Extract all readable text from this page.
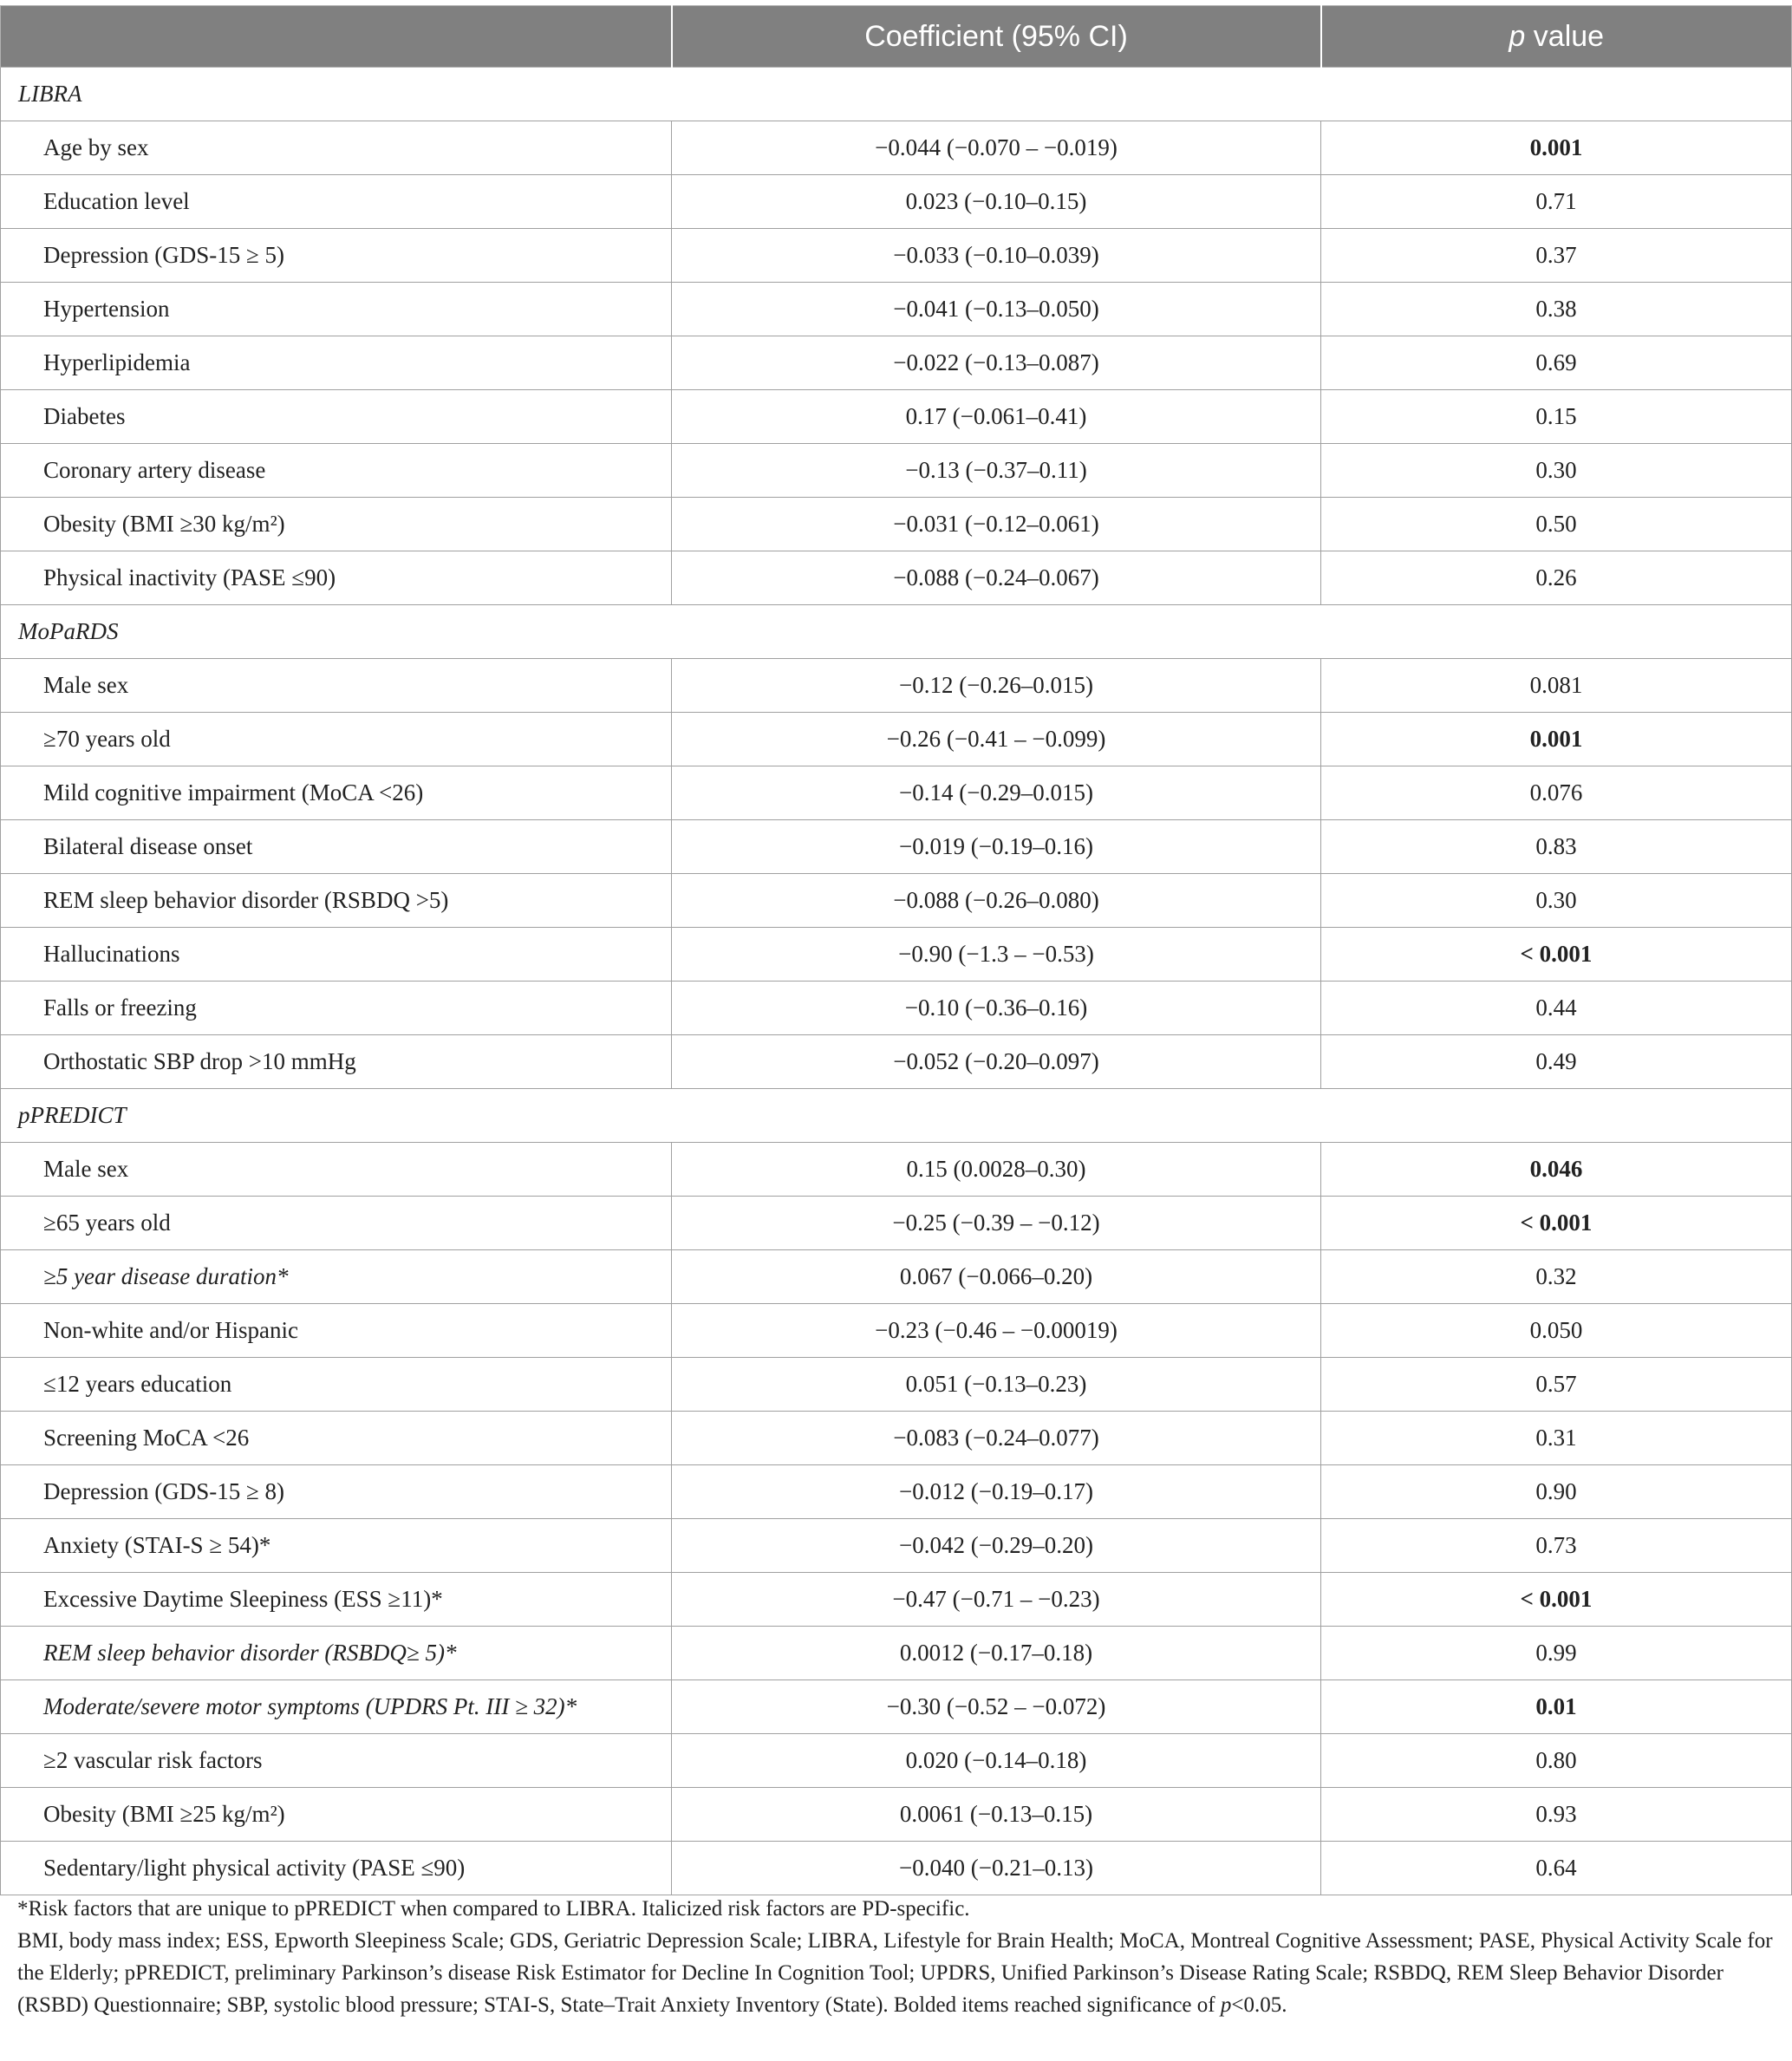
	Coefficient (95% CI)	p value
LIBRA		
Age by sex	−0.044 (−0.070 – −0.019)	0.001
Education level	0.023 (−0.10–0.15)	0.71
Depression (GDS-15 ≥ 5)	−0.033 (−0.10–0.039)	0.37
Hypertension	−0.041 (−0.13–0.050)	0.38
Hyperlipidemia	−0.022 (−0.13–0.087)	0.69
Diabetes	0.17 (−0.061–0.41)	0.15
Coronary artery disease	−0.13 (−0.37–0.11)	0.30
Obesity (BMI ≥30 kg/m²)	−0.031 (−0.12–0.061)	0.50
Physical inactivity (PASE ≤90)	−0.088 (−0.24–0.067)	0.26
MoPaRDS		
Male sex	−0.12 (−0.26–0.015)	0.081
≥70 years old	−0.26 (−0.41 – −0.099)	0.001
Mild cognitive impairment (MoCA <26)	−0.14 (−0.29–0.015)	0.076
Bilateral disease onset	−0.019 (−0.19–0.16)	0.83
REM sleep behavior disorder (RSBDQ >5)	−0.088 (−0.26–0.080)	0.30
Hallucinations	−0.90 (−1.3 – −0.53)	< 0.001
Falls or freezing	−0.10 (−0.36–0.16)	0.44
Orthostatic SBP drop >10 mmHg	−0.052 (−0.20–0.097)	0.49
pPREDICT		
Male sex	0.15 (0.0028–0.30)	0.046
≥65 years old	−0.25 (−0.39 – −0.12)	< 0.001
≥5 year disease duration*	0.067 (−0.066–0.20)	0.32
Non-white and/or Hispanic	−0.23 (−0.46 – −0.00019)	0.050
≤12 years education	0.051 (−0.13–0.23)	0.57
Screening MoCA <26	−0.083 (−0.24–0.077)	0.31
Depression (GDS-15 ≥ 8)	−0.012 (−0.19–0.17)	0.90
Anxiety (STAI-S ≥ 54)*	−0.042 (−0.29–0.20)	0.73
Excessive Daytime Sleepiness (ESS ≥11)*	−0.47 (−0.71 – −0.23)	< 0.001
REM sleep behavior disorder (RSBDQ≥ 5)*	0.0012 (−0.17–0.18)	0.99
Moderate/severe motor symptoms (UPDRS Pt. III ≥ 32)*	−0.30 (−0.52 – −0.072)	0.01
≥2 vascular risk factors	0.020 (−0.14–0.18)	0.80
Obesity (BMI ≥25 kg/m²)	0.0061 (−0.13–0.15)	0.93
Sedentary/light physical activity (PASE ≤90)	−0.040 (−0.21–0.13)	0.64

*Risk factors that are unique to pPREDICT when compared to LIBRA. Italicized risk factors are PD-specific.

BMI, body mass index; ESS, Epworth Sleepiness Scale; GDS, Geriatric Depression Scale; LIBRA, Lifestyle for Brain Health; MoCA, Montreal Cognitive Assessment; PASE, Physical Activity Scale for the Elderly; pPREDICT, preliminary Parkinson’s disease Risk Estimator for Decline In Cognition Tool; UPDRS, Unified Parkinson’s Disease Rating Scale; RSBDQ, REM Sleep Behavior Disorder (RSBD) Questionnaire; SBP, systolic blood pressure; STAI-S, State–Trait Anxiety Inventory (State). Bolded items reached significance of p<0.05.
